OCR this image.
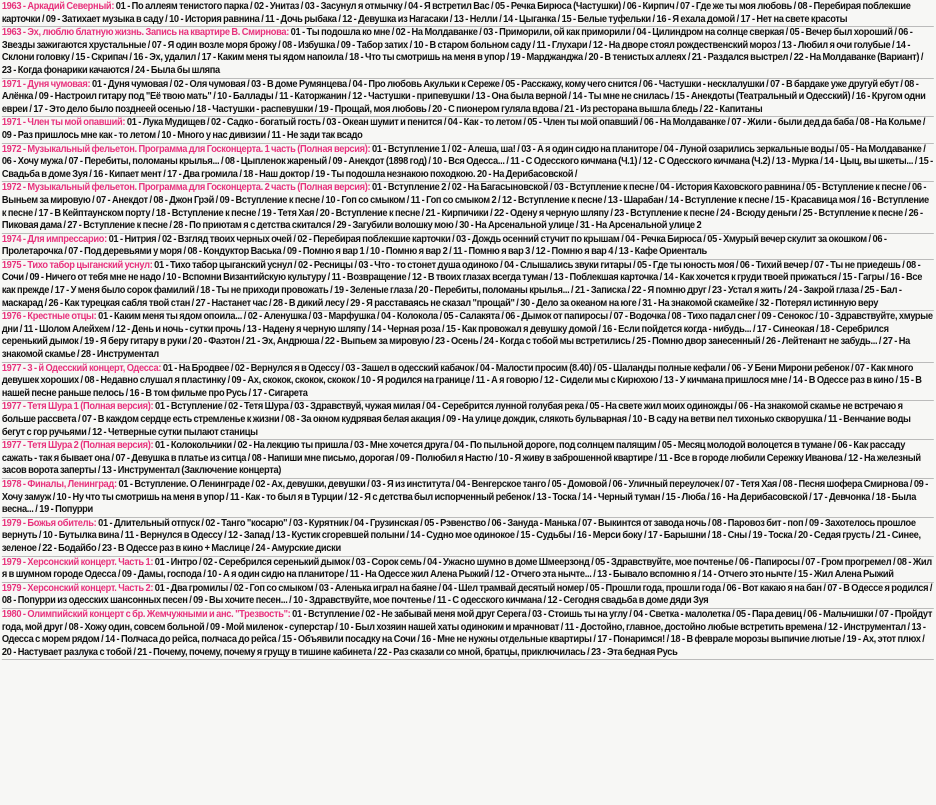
1963 - Аркадий Северный: 01 - По аллеям тенистого парка / 02 - Унитаз / 03 - Засунул я отмычку / 04 - Я встретил Вас / 05 - Речка Бирюса (Частушки) / 06 - Кирпич / 07 - Где же ты моя любовь / 08 - Перебирая поблекшие карточки / 09 - Затихает музыка в саду / 10 - История равнина / 11 - Дочь рыбака / 12 - Девушка из Нагасаки / 13 - Нелли / 14 - Цыганка / 15 - Белые туфельки / 16 - Я ехала домой / 17 - Нет на свете красоты

1963 - Эх, люблю блатную жизнь. Запись на квартире В. Смирнова: 01 - Ты подошла ко мне / 02 - На Молдаванке / 03 - Приморили, ой как приморили / 04 - Цилиндром на солнце сверкая / 05 - Вечер был хороший / 06 - Звезды зажигаются хрустальные / 07 - Я один возле моря брожу / 08 - Избушка / 09 - Табор затих / 10 - В старом больном саду / 11 - Глухари / 12 - На дворе стоял рождественский мороз / 13 - Любил я очи голубые / 14 - Склони головку / 15 - Скрипач / 16 - Эх, удалил / 17 - Каким меня ты ядом напоила / 18 - Что ты смотришь на меня в упор / 19 - Марджанджа / 20 - В тенистых аллеях / 21 - Раздался выстрел / 22 - На Молдаванке (Вариант) / 23 - Когда фонарики качаются / 24 - Была бы шляпа

1971 - Дуня чумовая: 01 - Дуня чумовая / 02 - Оля чумовая / 03 - В доме Румянцева / 04 - Про любовь Акульки к Сереже / 05 - Расскажу, кому чего снится / 06 - Частушки - несклалушки / 07 - В бардаке уже другуй ебут / 08 - Алёнка / 09 - Настроил гитару под "Её твою мать" / 10 - Баллады / 11 - Каторжанин / 12 - Частушки - припевушки / 13 - Она была верной / 14 - Ты мне не снилась / 15 - Анекдоты (Театральный и Одесский) / 16 - Кругом одни евреи / 17 - Это дело было позднеей осенью / 18 - Частушки - распевушки / 19 - Прощай, моя любовь / 20 - С пионером гуляла вдова / 21 - Из ресторана вышла бледь / 22 - Капитаны

1971 - Член ты мой опавший: 01 - Лука Мудищев / 02 - Садко - богатый гость / 03 - Океан шумит и пенится / 04 - Как - то летом / 05 - Член ты мой опавший / 06 - На Молдаванке / 07 - Жили - были дед да баба / 08 - На Кольме / 09 - Раз пришлось мне как - то летом / 10 - Много у нас дивизии / 11 - Не зади так всадо

1972 - Музыкальный фельетон. Программа для Госконцерта. 1 часть (Полная версия): 01 - Вступление 1 / 02 - Алеша, ша! / 03 - А я один сидю на планиторе / 04 - Луной озарились зеркальные воды / 05 - На Молдаванке / 06 - Хочу мужа / 07 - Перебиты, поломаны крылья... / 08 - Цыпленок жареный / 09 - Анекдот (1898 год) / 10 - Вся Одесса... / 11 - С Одесского кичмана (Ч.1) / 12 - С Одесского кичмана (Ч.2) / 13 - Мурка / 14 - Цыц, вы шкеты... / 15 - Свадьба в доме Зуя / 16 - Кипает мент / 17 - Два громила / 18 - Наш доктор / 19 - Ты подошла незнакою походкою. 20 - На Дерибасовской /

1972 - Музыкальный фельетон. Программа для Госконцерта. 2 часть (Полная версия): 01 - Вступление 2 / 02 - На Багасыновской / 03 - Вступление к песне / 04 - История Каховского равнина / 05 - Вступление к песне / 06 - Выньем за мировую / 07 - Анекдот / 08 - Джон Грэй / 09 - Вступление к песне / 10 - Гоп со смыком / 11 - Гоп со смыком 2 / 12 - Вступление к песне / 13 - Шарабан / 14 - Вступление к песне / 15 - Красавица моя / 16 - Вступление к песне / 17 - В Кейптаунском порту / 18 - Вступление к песне / 19 - Тетя Хая / 20 - Вступление к песне / 21 - Кирпичики / 22 - Одену я черную шляпу / 23 - Вступление к песне / 24 - Всюду деньги / 25 - Вступление к песне / 26 - Пиковая дама / 27 - Вступление к песне / 28 - По приютам я с детства скитался / 29 - Загубили волошку мою / 30 - На Арсенальной улице / 31 - На Арсенальной улице 2

1974 - Для импрессарио: 01 - Нитрия / 02 - Взгляд твоих черных очей / 02 - Перебирая поблекшие карточки / 03 - Дождь осенний стучит по крышам / 04 - Речка Бирюса / 05 - Хмурый вечер скулит за окошком / 06 - Пролетарочка / 07 - Под деревьями у моря / 08 - Кондуктор Васька / 09 - Помню я вар 1 / 10 - Помню я вар 2 / 11 - Помню я вар 3 / 12 - Помню я вар 4 / 13 - Кафе Ориенталь

1975 - Тихо табор цыганский уснул: 01 - Тихо табор цыганский уснул / 02 - Ресницы / 03 - Что - то стонет душа одиноко / 04 - Слышались звуки гитары / 05 - Где ты юность моя / 06 - Тихий вечер / 07 - Ты не приедешь / 08 - Сочи / 09 - Ничего от тебя мне не надо / 10 - Вспомни Византийскую культуру / 11 - Возвращение / 12 - В твоих глазах всегда туман / 13 - Поблекшая карточка / 14 - Как хочется к груди твоей прижаться / 15 - Гагры / 16 - Все как прежде / 17 - У меня было сорок фамилий / 18 - Ты не приходи провожать / 19 - Зеленые глаза / 20 - Перебиты, поломаны крылья... / 21 - Записка / 22 - Я помню друг / 23 - Устал я жить / 24 - Закрой глаза / 25 - Бал - маскарад / 26 - Как турецкая сабля твой стан / 27 - Настанет час / 28 - В дикий лесу / 29 - Я расставаясь не сказал "прощай" / 30 - Дело за океаном на юге / 31 - На знакомой скамейке / 32 - Потерял истинную веру

1976 - Крестные отцы: 01 - Каким меня ты ядом опоила... / 02 - Аленушка / 03 - Марфушка / 04 - Колокола / 05 - Салакята / 06 - Дымок от папиросы / 07 - Водочка / 08 - Тихо падал снег / 09 - Сенокос / 10 - Здравствуйте, хмурые дни / 11 - Шолом Алейхем / 12 - День и ночь - сутки прочь / 13 - Надену я черную шляпу / 14 - Черная роза / 15 - Как провожал я девушку домой / 16 - Если пойдется когда - нибудь... / 17 - Синеокая / 18 - Серебрился серенький дымок / 19 - Я беру гитару в руки / 20 - Фаэтон / 21 - Эх, Андрюша / 22 - Выпьем за мировую / 23 - Осень / 24 - Когда с тобой мы встретились / 25 - Помню двор занесенный / 26 - Лейтенант не забудь... / 27 - На знакомой скамье / 28 - Инструментал

1977 - 3 - й Одесский концерт, Одесса: 01 - На Бродвее / 02 - Вернулся я в Одессу / 03 - Зашел в одесский кабачок / 04 - Малости просим (8.40) / 05 - Шаланды полные кефали / 06 - У Бени Мирони ребенок / 07 - Как много девушек хороших / 08 - Недавно слушал я пластинку / 09 - Ах, скокок, скокок, скокок / 10 - Я родился на границе / 11 - А я говорю / 12 - Сидели мы с Кирюхою / 13 - У кичмана пришлося мне / 14 - В Одессе раз в кино / 15 - В нашей песне раньше пелось / 16 - В том фильме про Русь / 17 - Сигарета

1977 - Тетя Шура 1 (Полная версия): 01 - Вступление / 02 - Тетя Шура / 03 - Здравствуй, чужая милая / 04 - Серебрится лунной голубая река / 05 - На свете жил моих одиножды / 06 - На знакомой скамье не встречаю я больше рассвета / 07 - В каждом сердце есть стремленье к жизни / 08 - За окном кудрявая белая акация / 09 - На улице дождик, слякоть бульварная / 10 - В саду на ветви пел тихонько скворушка / 11 - Венчание воды бегут с гор ручьями / 12 - Четверные сутки пылают станицы

1977 - Тетя Шура 2 (Полная версия): 01 - Колокольчики / 02 - На лекцию ты пришла / 03 - Мне хочется друга / 04 - По пыльной дороге, под солнцем палящим / 05 - Месяц молодой волоцется в тумане / 06 - Как рассаду сажать - так я бывает она / 07 - Девушка в платье из ситца / 08 - Напиши мне письмо, дорогая / 09 - Полюбил я Настю / 10 - Я живу в заброшенной квартире / 11 - Все в городе любили Сережку Иванова / 12 - На железный засов ворота заперты / 13 - Инструментал (Заключение концерта)

1978 - Финалы, Ленинград: 01 - Вступление. О Ленинграде / 02 - Ах, девушки, девушки / 03 - Я из института / 04 - Венгерское танго / 05 - Домовой / 06 - Уличный переулочек / 07 - Тетя Хая / 08 - Песня шофера Смирнова / 09 - Хочу замуж / 10 - Ну что ты смотришь на меня в упор / 11 - Как - то был я в Турции / 12 - Я с детства был испорченный ребенок / 13 - Тоска / 14 - Черный туман / 15 - Люба / 16 - На Дерибасовской / 17 - Девчонка / 18 - Была весна... / 19 - Попурри

1979 - Божья обитель: 01 - Длительный отпуск / 02 - Танго "косарю" / 03 - Курятник / 04 - Грузинская / 05 - Рэвенство / 06 - Зануда - Манька / 07 - Выкинтся от завода ночь / 08 - Паровоз бит - поп / 09 - Захотелось прошлое вернуть / 10 - Бутылка вина / 11 - Вернулся в Одессу / 12 - Запад / 13 - Кустик сгоревшей полыни / 14 - Судно мое одинокое / 15 - Судьбы / 16 - Мерси боку / 17 - Барышни / 18 - Сны / 19 - Тоска / 20 - Седая грусть / 21 - Синее, зеленое / 22 - Бодайбо / 23 - В Одессе раз в кино + Маслице / 24 - Амурские диски

1979 - Херсонский концерт. Часть 1: 01 - Интро / 02 - Серебрился серенький дымок / 03 - Сорок семь / 04 - Ужасно шумно в доме Шмеерзонд / 05 - Здравствуйте, мое почтенье / 06 - Папиросы / 07 - Гром прогремел / 08 - Жил я в шумном городе Одесса / 09 - Дамы, господа / 10 - А я один сидю на планиторе / 11 - На Одессе жил Алена Рыжий / 12 - Отчего эта нычте... / 13 - Бывало вспомню я / 14 - Отчего это нычте / 15 - Жил Алена Рыжий

1979 - Херсонский концерт. Часть 2: 01 - Два громилы / 02 - Гоп со смыком / 03 - Аленька играл на баяне / 04 - Шел трамвай десятый номер / 05 - Прошли года, прошли года / 06 - Вот какаю я на бан / 07 - В Одессе я родился / 08 - Попурри из одесских шансонных песен / 09 - Вы хочите песен... / 10 - Здравствуйте, мое почтенье / 11 - С одесского кичмана / 12 - Сегодня свадьба в доме дяди Зуя

1980 - Олимпийский концерт с бр. Жемчужными и анс. "Трезвость": 01 - Вступление / 02 - Не забывай меня мой друг Серега / 03 - Стоишь ты на углу / 04 - Светка - малолетка / 05 - Пара девиц / 06 - Мальчишки / 07 - Пройдут года, мой друг / 08 - Хожу один, совсем больной / 09 - Мой миленок - суперстар / 10 - Был хозяин нашей хаты одиноким и мрачноват / 11 - Достойно, главное, достойно любые встретить времена / 12 - Инструментал / 13 - Одесса с морем рядом / 14 - Полчаса до рейса, полчаса до рейса / 15 - Объявили посадку на Сочи / 16 - Мне не нужны отдельные квартиры / 17 - Понаримся! / 18 - В феврале морозы выпичие лютые / 19 - Ах, этот плюх / 20 - Настувает разлука с тобой / 21 - Почему, почему, почему я грущу в тишине кабинета / 22 - Раз сказали со мной, братцы, приключилась / 23 - Эта бедная Русь
